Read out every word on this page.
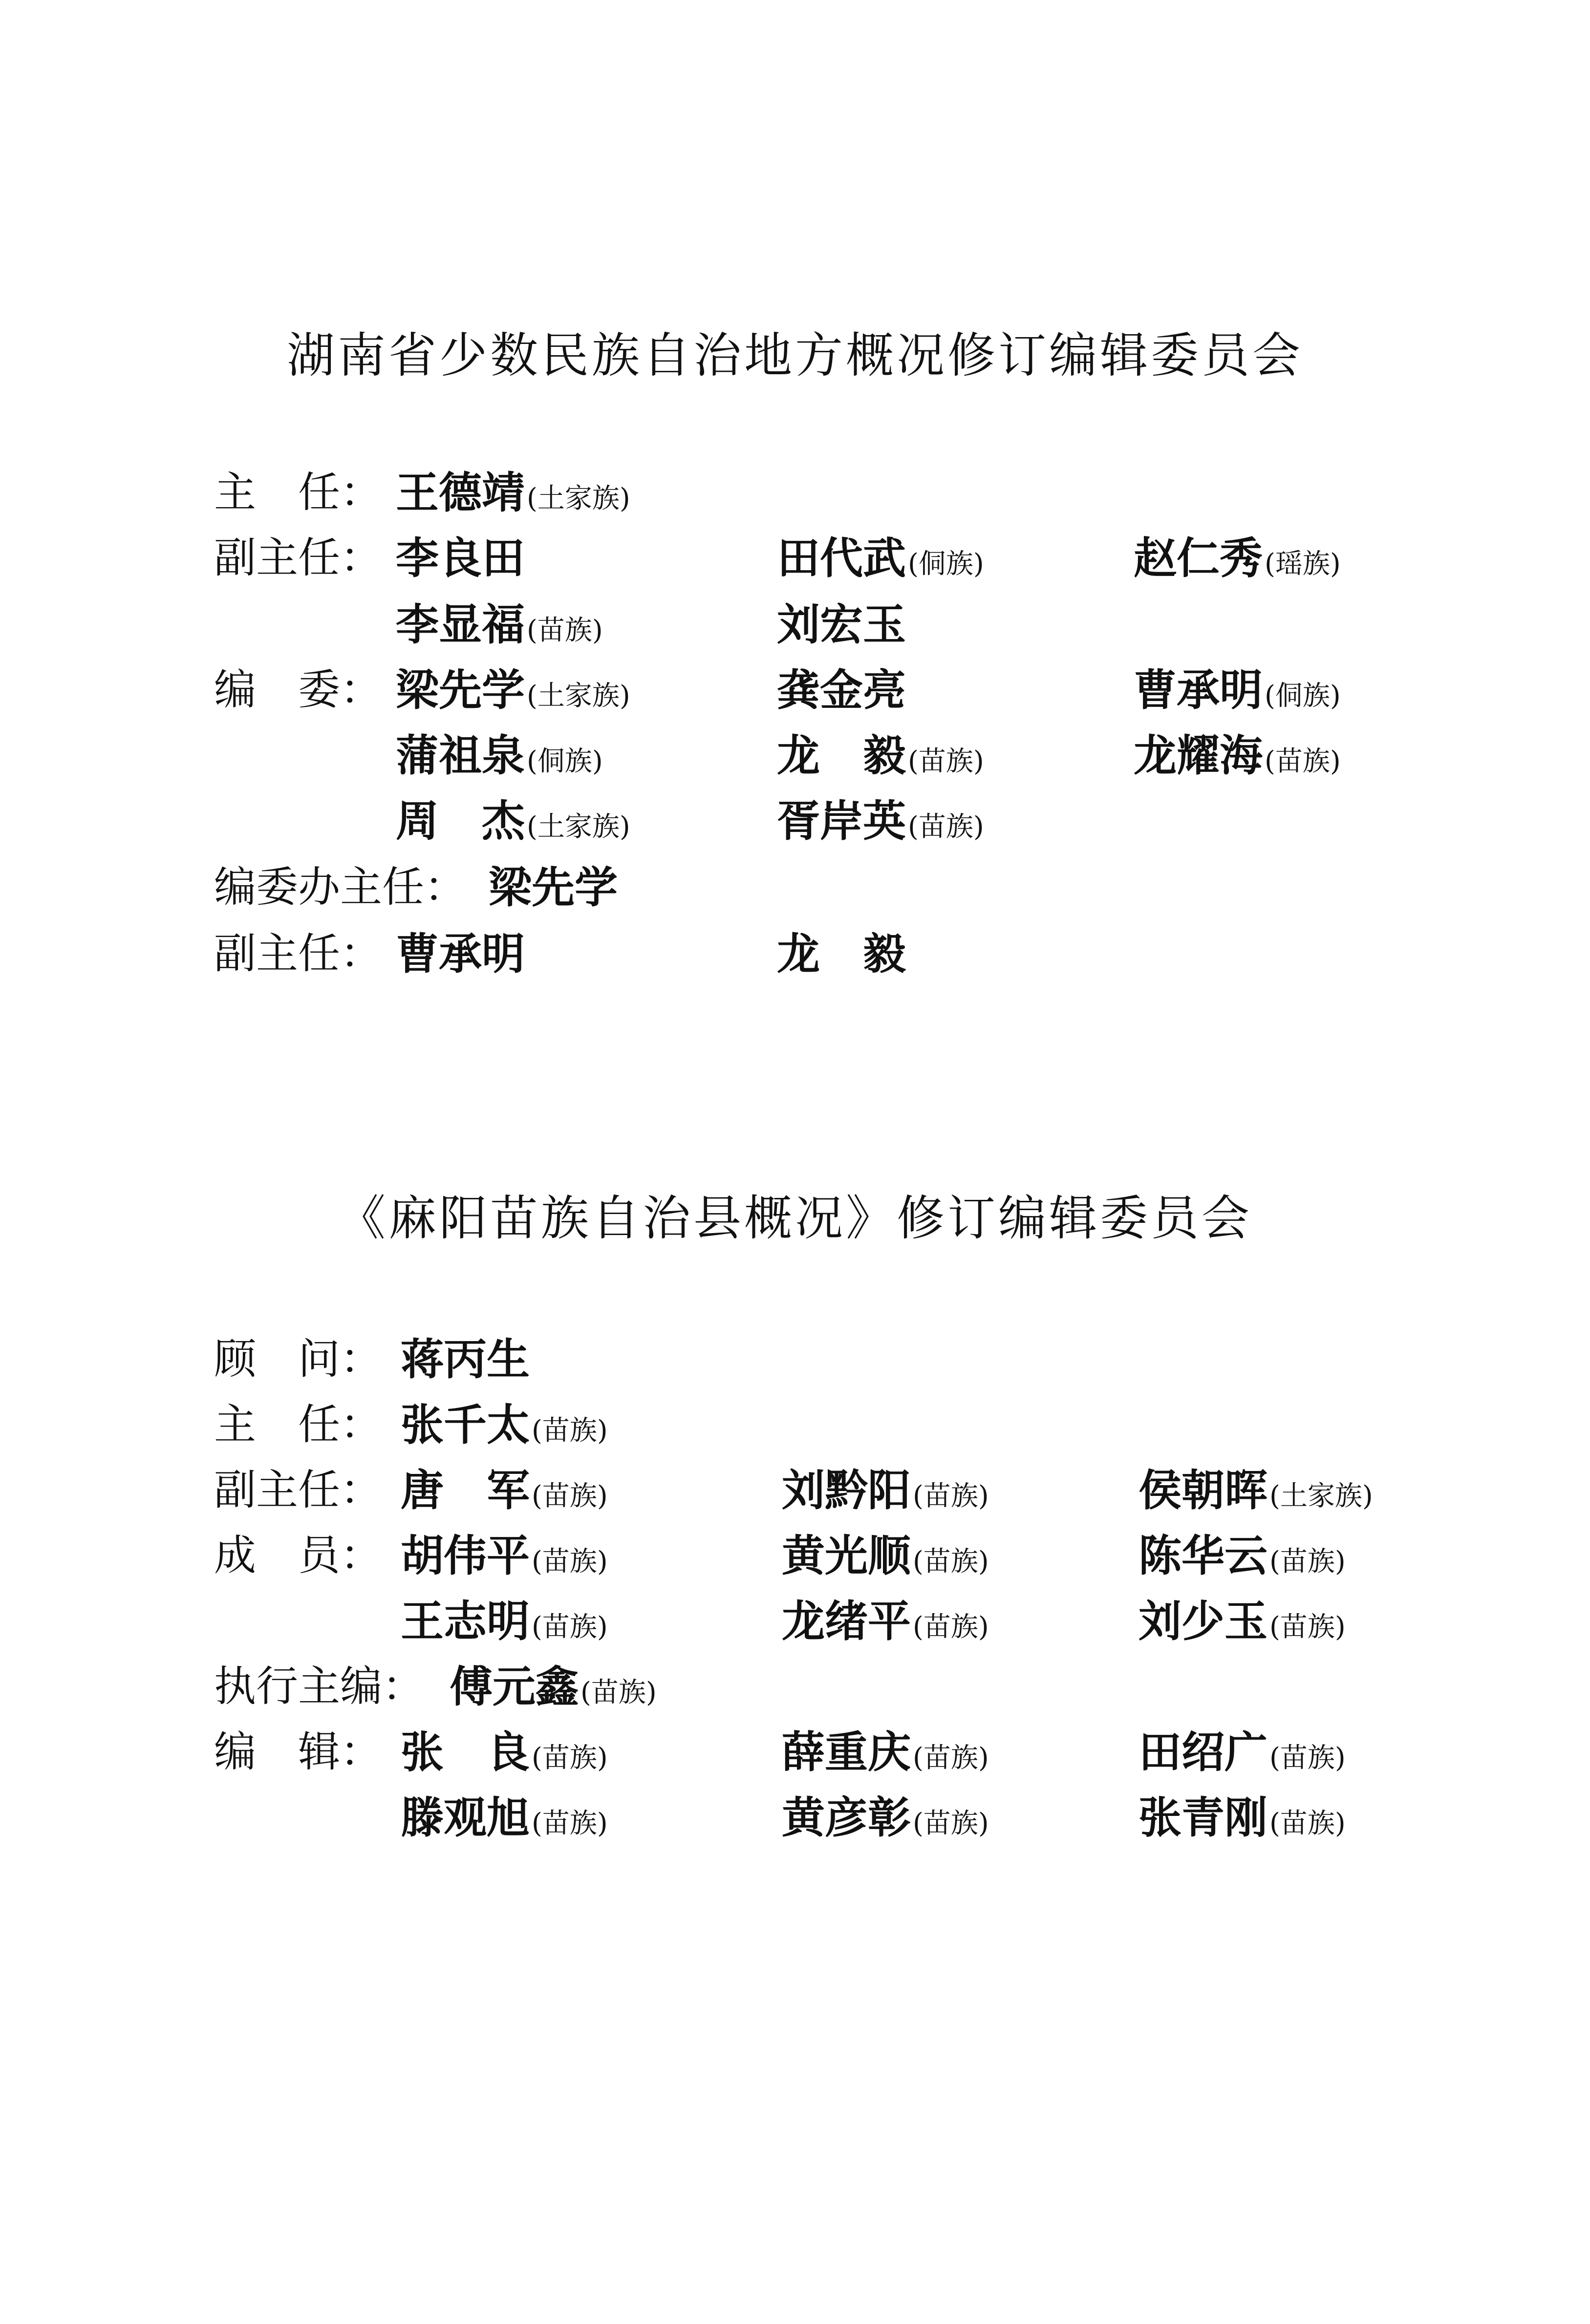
湖南省少数民族自治地方概况修订编辑委员会
主　任： 王德靖(土家族)
副主任： 李良田	田代武(侗族)	赵仁秀(瑶族)
李显福(苗族)	刘宏玉
编　委： 梁先学(土家族)	龚金亮	曹承明(侗族)
蒲祖泉(侗族)	龙　毅(苗族)	龙耀海(苗族)
周　杰(土家族)	胥岸英(苗族)
编委办主任： 梁先学
副主任： 曹承明	龙　毅
《麻阳苗族自治县概况》修订编辑委员会
顾　问： 蒋丙生
主　任： 张千太(苗族)
副主任： 唐　军(苗族)	刘黔阳(苗族)	侯朝晖(土家族)
成　员： 胡伟平(苗族)	黄光顺(苗族)	陈华云(苗族)
王志明(苗族)	龙绪平(苗族)	刘少玉(苗族)
执行主编： 傅元鑫(苗族)
编　辑： 张　良(苗族)	薛重庆(苗族)	田绍广(苗族)
滕观旭(苗族)	黄彦彰(苗族)	张青刚(苗族)
